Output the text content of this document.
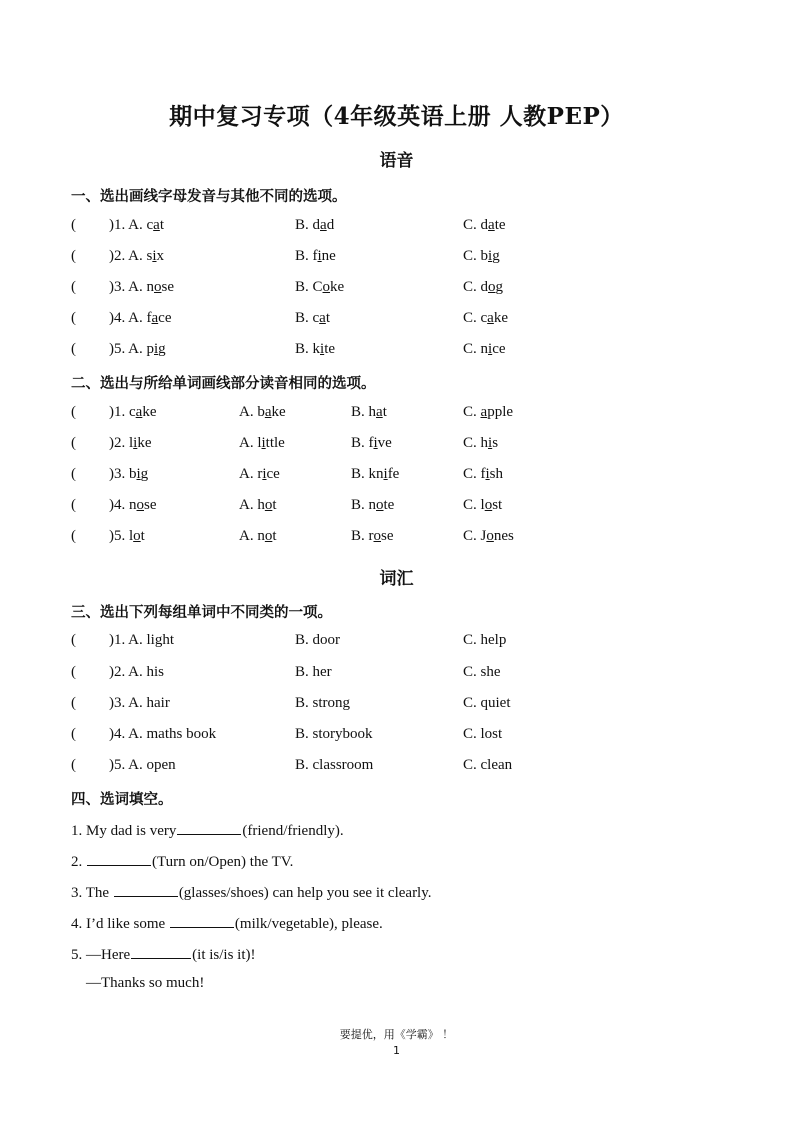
期中复习专项（4年级英语上册 人教PEP）
语音
一、选出画线字母发音与其他不同的选项。
( )1. A. cat	B. dad	C. date
( )2. A. six	B. fine	C. big
( )3. A. nose	B. Coke	C. dog
( )4. A. face	B. cat	C. cake
( )5. A. pig	B. kite	C. nice
二、选出与所给单词画线部分读音相同的选项。
( )1. cake	A. bake	B. hat	C. apple
( )2. like	A. little	B. five	C. his
( )3. big	A. rice	B. knife	C. fish
( )4. nose	A. hot	B. note	C. lost
( )5. lot	A. not	B. rose	C. Jones
词汇
三、选出下列每组单词中不同类的一项。
( )1. A. light	B. door	C. help
( )2. A. his	B. her	C. she
( )3. A. hair	B. strong	C. quiet
( )4. A. maths book	B. storybook	C. lost
( )5. A. open	B. classroom	C. clean
四、选词填空。
1. My dad is very	(friend/friendly).
2.	(Turn on/Open) the TV.
3. The	(glasses/shoes) can help you see it clearly.
4. I’d like some	(milk/vegetable), please.
5. —Here	(it is/is it)!
—Thanks so much!
要提优，用《学霸》 ！
1
